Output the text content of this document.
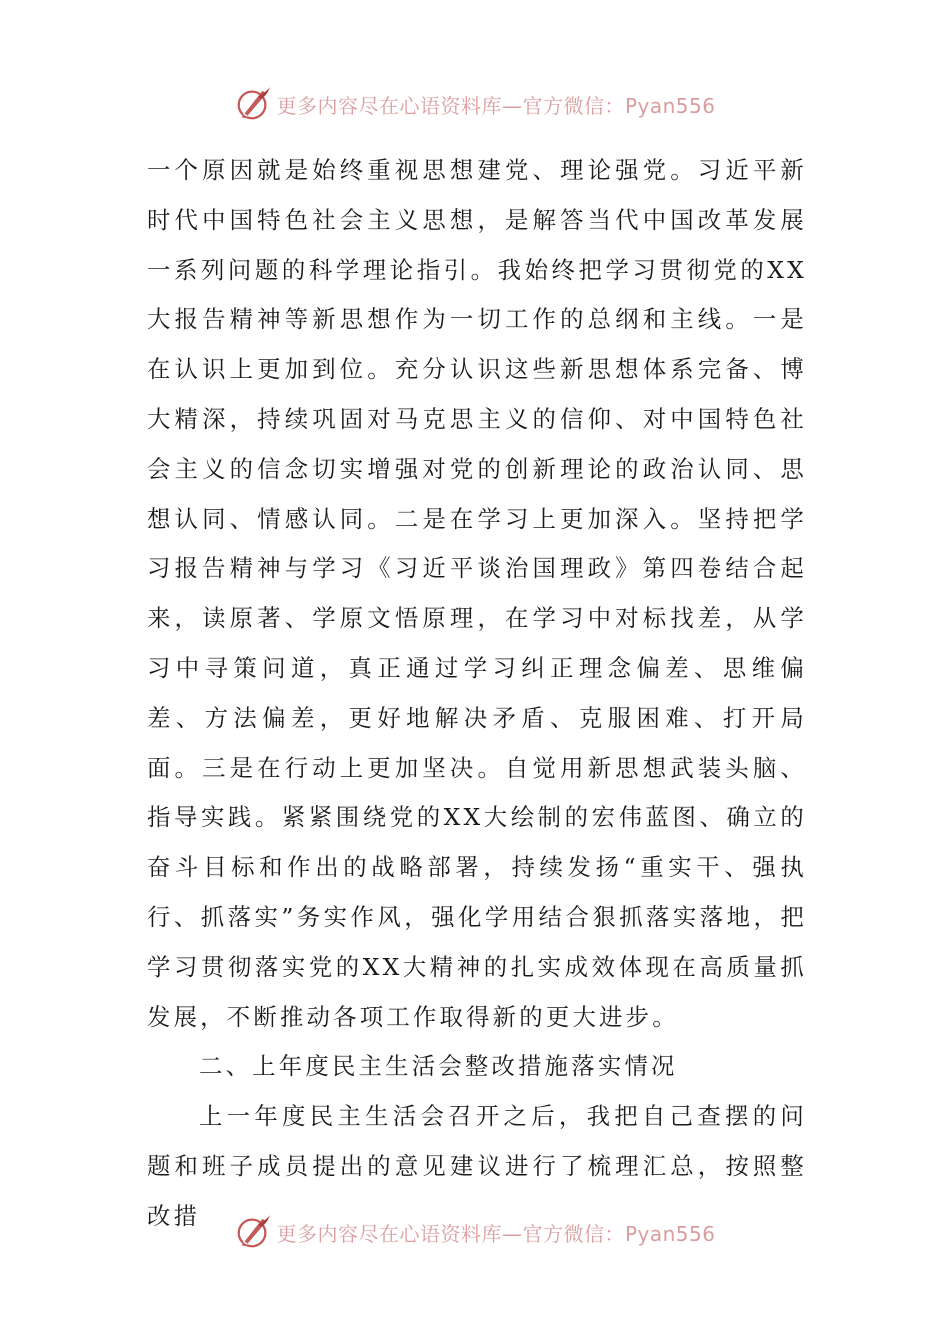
更多内容尽在心语资料库—官方微信：Pyan556

一个原因就是始终重视思想建党、理论强党。习近平新时代中国特色社会主义思想，是解答当代中国改革发展一系列问题的科学理论指引。我始终把学习贯彻党的XX大报告精神等新思想作为一切工作的总纲和主线。一是在认识上更加到位。充分认识这些新思想体系完备、博大精深，持续巩固对马克思主义的信仰、对中国特色社会主义的信念切实增强对党的创新理论的政治认同、思想认同、情感认同。二是在学习上更加深入。坚持把学习报告精神与学习《习近平谈治国理政》第四卷结合起来，读原著、学原文悟原理，在学习中对标找差，从学习中寻策问道，真正通过学习纠正理念偏差、思维偏差、方法偏差，更好地解决矛盾、克服困难、打开局面。三是在行动上更加坚决。自觉用新思想武装头脑、指导实践。紧紧围绕党的XX大绘制的宏伟蓝图、确立的奋斗目标和作出的战略部署，持续发扬“重实干、强执行、抓落实”务实作风，强化学用结合狠抓落实落地，把学习贯彻落实党的XX大精神的扎实成效体现在高质量抓发展，不断推动各项工作取得新的更大进步。

二、上年度民主生活会整改措施落实情况

上一年度民主生活会召开之后，我把自己查摆的问题和班子成员提出的意见建议进行了梳理汇总，按照整改措

更多内容尽在心语资料库—官方微信：Pyan556
